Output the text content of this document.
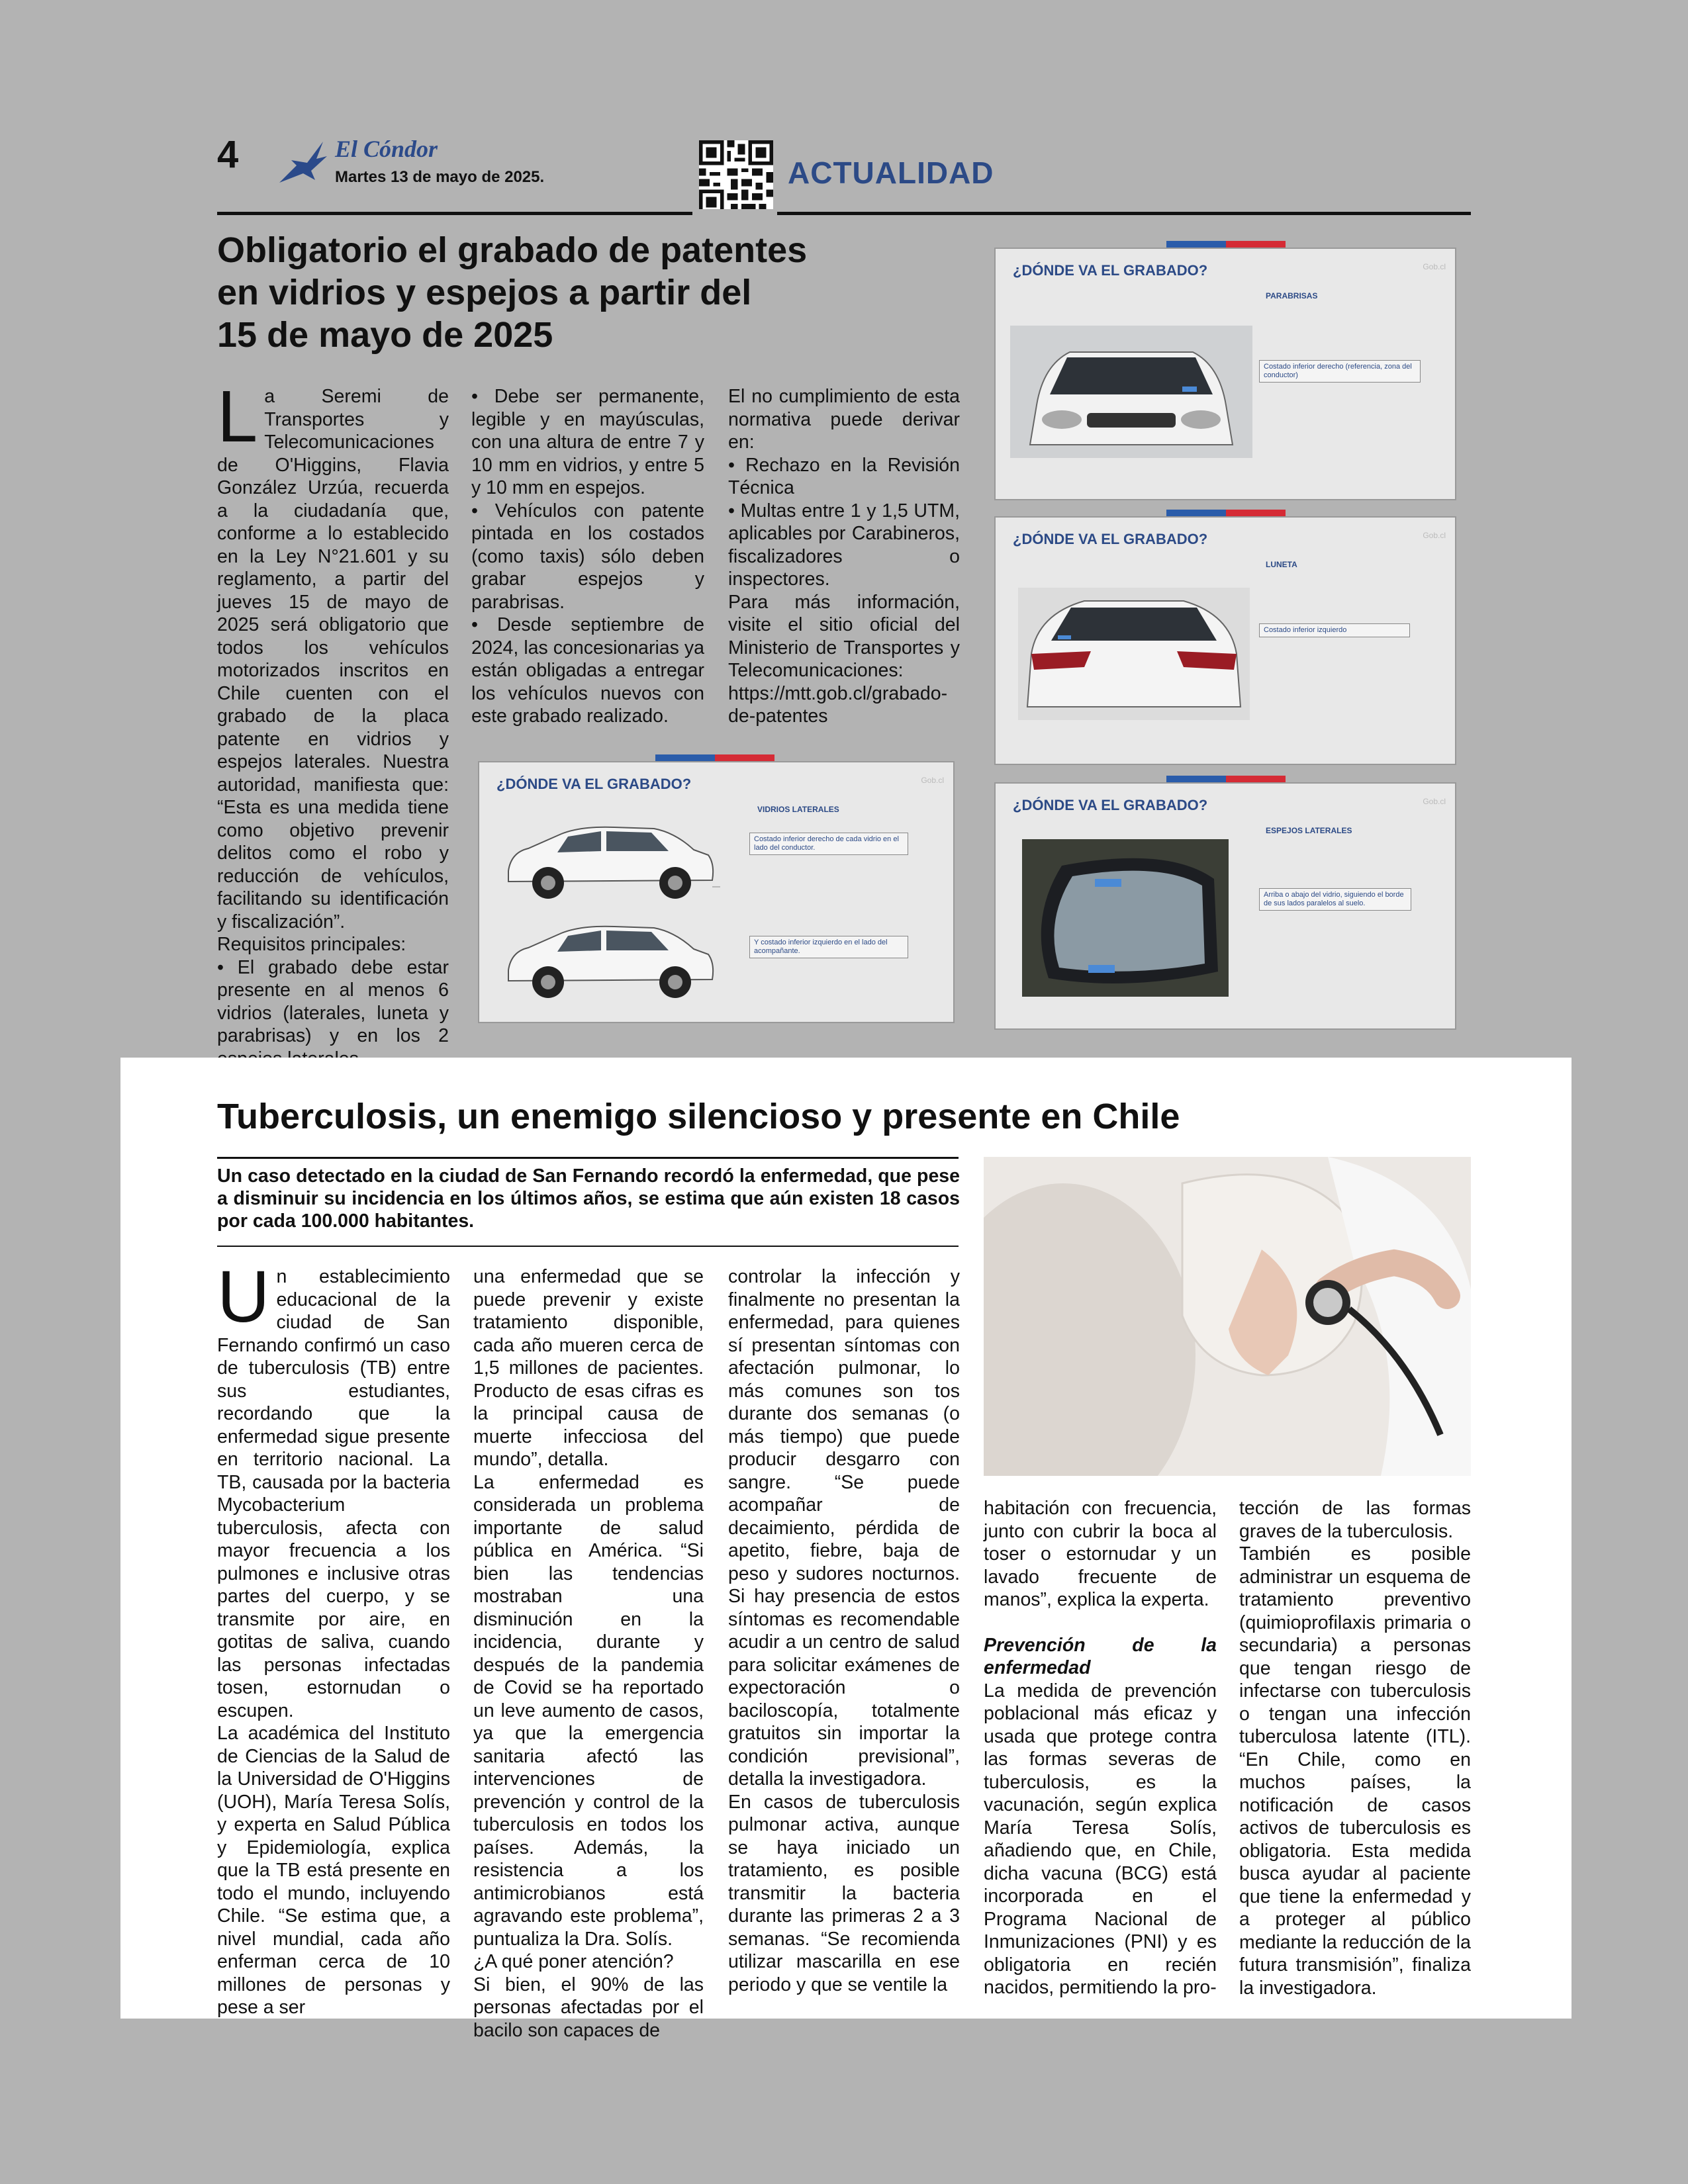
4	El Cóndor
Martes 13 de mayo de 2025.	ACTUALIDAD
Obligatorio el grabado de patentes
en vidrios y espejos a partir del
15 de mayo de 2025
La Seremi de Transportes y Telecomunicaciones de O'Higgins, Flavia González Urzúa, recuerda a la ciudadanía que, conforme a lo establecido en la Ley N°21.601 y su reglamento, a partir del jueves 15 de mayo de 2025 será obligatorio que todos los vehículos motorizados inscritos en Chile cuenten con el grabado de la placa patente en vidrios y espejos laterales. Nuestra autoridad, manifiesta que: “Esta es una medida tiene como objetivo prevenir delitos como el robo y reducción de vehículos, facilitando su identificación y fiscalización”.
Requisitos principales:
• El grabado debe estar presente en al menos 6 vidrios (laterales, luneta y parabrisas) y en los 2
• Debe ser permanente, legible y en mayúsculas, con una altura de entre 7 y 10 mm en vidrios, y entre 5 y 10 mm en espejos.
• Vehículos con patente pintada en los costados (como taxis) sólo deben grabar espejos y parabrisas.
• Desde septiembre de 2024, las concesionarias ya están obligadas a entregar los vehículos nuevos con este grabado realizado.
El no cumplimiento de esta normativa puede derivar en:
• Rechazo en la Revisión Técnica
• Multas entre 1 y 1,5 UTM, aplicables por Carabineros, fiscalizadores o inspectores.
Para más información, visite el sitio oficial del Ministerio de Transportes y Telecomunicaciones: https://mtt.gob.cl/grabado-de-patentes
¿DÓNDE VA EL GRABADO?	Gob.cl
VIDRIOS LATERALES
Costado inferior derecho de cada vidrio en el lado del conductor.
Y costado inferior izquierdo en el lado del acompañante.
¿DÓNDE VA EL GRABADO?	Gob.cl
PARABRISAS
Costado inferior derecho (referencia, zona del conductor)
¿DÓNDE VA EL GRABADO?	Gob.cl
LUNETA
Costado inferior izquierdo
¿DÓNDE VA EL GRABADO?	Gob.cl
ESPEJOS LATERALES
Arriba o abajo del vidrio, siguiendo el borde de sus lados paralelos al suelo.
Tuberculosis, un enemigo silencioso y presente en Chile
Un caso detectado en la ciudad de San Fernando recordó la enfermedad, que pese a disminuir su incidencia en los últimos años, se estima que aún existen 18 casos por cada 100.000 habitantes.
Un establecimiento educacional de la ciudad de San Fernando confirmó un caso de tuberculosis (TB) entre sus estudiantes, recordando que la enfermedad sigue presente en territorio nacional. La TB, causada por la bacteria Mycobacterium tuberculosis, afecta con mayor frecuencia a los pulmones e inclusive otras partes del cuerpo, y se transmite por aire, en gotitas de saliva, cuando las personas infectadas tosen, estornudan o escupen.
La académica del Instituto de Ciencias de la Salud de la Universidad de O'Higgins (UOH), María Teresa Solís, y experta en Salud Pública y Epidemiología, explica que la TB está presente en todo el mundo, incluyendo Chile. “Se estima que, a nivel mundial, cada año enferman cerca de 10 millones de personas y pese a ser
una enfermedad que se puede prevenir y existe tratamiento disponible, cada año mueren cerca de 1,5 millones de pacientes. Producto de esas cifras es la principal causa de muerte infecciosa del mundo”, detalla.
La enfermedad es considerada un problema importante de salud pública en América. “Si bien las tendencias mostraban una disminución en la incidencia, durante y después de la pandemia de Covid se ha reportado un leve aumento de casos, ya que la emergencia sanitaria afectó las intervenciones de prevención y control de la tuberculosis en todos los países. Además, la resistencia a los antimicrobianos está agravando este problema”, puntualiza la Dra. Solís.
¿A qué poner atención?
Si bien, el 90% de las personas afectadas por el bacilo son capaces de
controlar la infección y finalmente no presentan la enfermedad, para quienes sí presentan síntomas con afectación pulmonar, lo más comunes son tos durante dos semanas (o más tiempo) que puede producir desgarro con sangre. “Se puede acompañar de decaimiento, pérdida de apetito, fiebre, baja de peso y sudores nocturnos. Si hay presencia de estos síntomas es recomendable acudir a un centro de salud para solicitar exámenes de expectoración o baciloscopía, totalmente gratuitos sin importar la condición previsional”, detalla la investigadora.
En casos de tuberculosis pulmonar activa, aunque se haya iniciado un tratamiento, es posible transmitir la bacteria durante las primeras 2 a 3 semanas. “Se recomienda utilizar mascarilla en ese periodo y que se ventile la
habitación con frecuencia, junto con cubrir la boca al toser o estornudar y un lavado frecuente de manos”, explica la experta.

Prevención de la enfermedad
La medida de prevención poblacional más eficaz y usada que protege contra las formas severas de tuberculosis, es la vacunación, según explica María Teresa Solís, añadiendo que, en Chile, dicha vacuna (BCG) está incorporada en el Programa Nacional de Inmunizaciones (PNI) y es obligatoria en recién nacidos, permitiendo la pro-
tección de las formas graves de la tuberculosis.
También es posible administrar un esquema de tratamiento preventivo (quimioprofilaxis primaria o secundaria) a personas que tengan riesgo de infectarse con tuberculosis o tengan una infección tuberculosa latente (ITL). “En Chile, como en muchos países, la notificación de casos activos de tuberculosis es obligatoria. Esta medida busca ayudar al paciente que tiene la enfermedad y a proteger al público mediante la reducción de la futura transmisión”, finaliza la investigadora.
